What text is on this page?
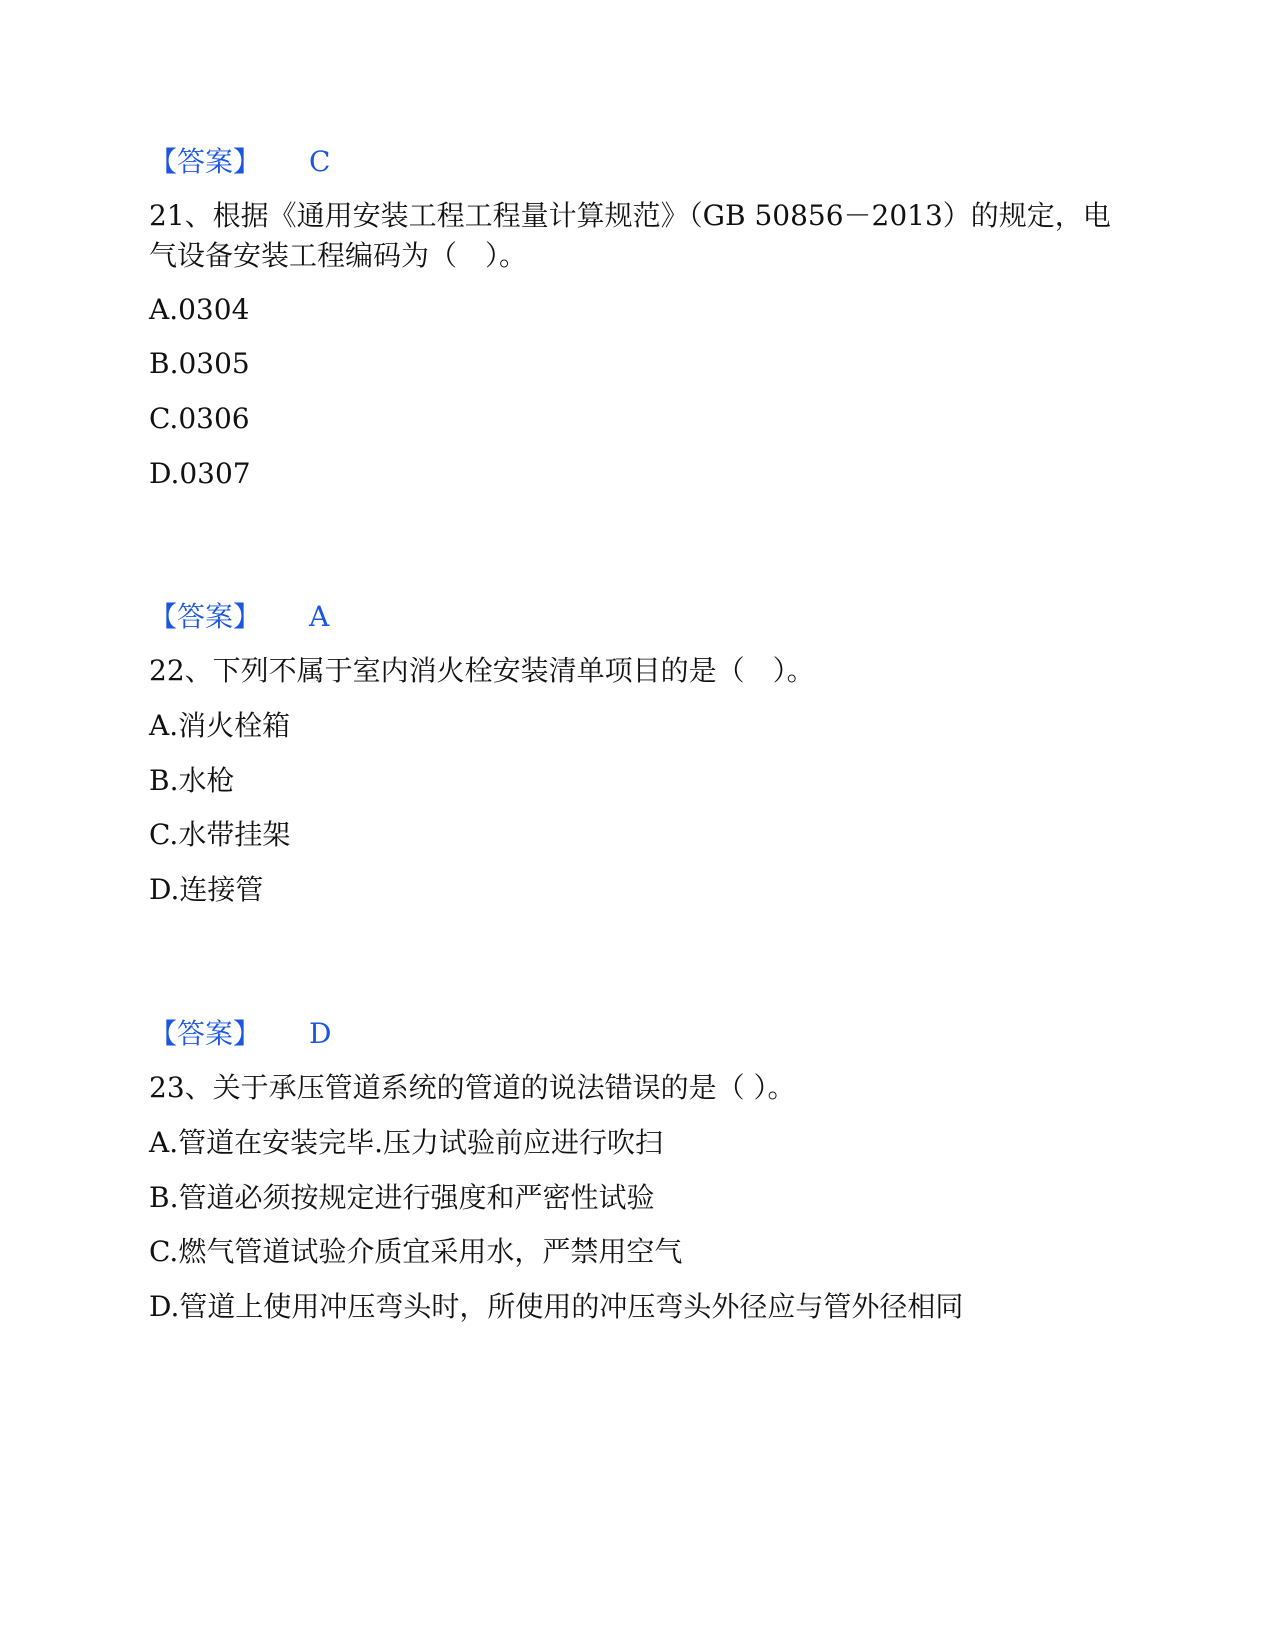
【答案】 C
21、根据《通用安装工程工程量计算规范》（GB 50856－2013）的规定，电气设备安装工程编码为（　）。
A.0304
B.0305
C.0306
D.0307
【答案】 A
22、下列不属于室内消火栓安装清单项目的是（　）。
A.消火栓箱
B.水枪
C.水带挂架
D.连接管
【答案】 D
23、关于承压管道系统的管道的说法错误的是（ ）。
A.管道在安装完毕.压力试验前应进行吹扫
B.管道必须按规定进行强度和严密性试验
C.燃气管道试验介质宜采用水，严禁用空气
D.管道上使用冲压弯头时，所使用的冲压弯头外径应与管外径相同
